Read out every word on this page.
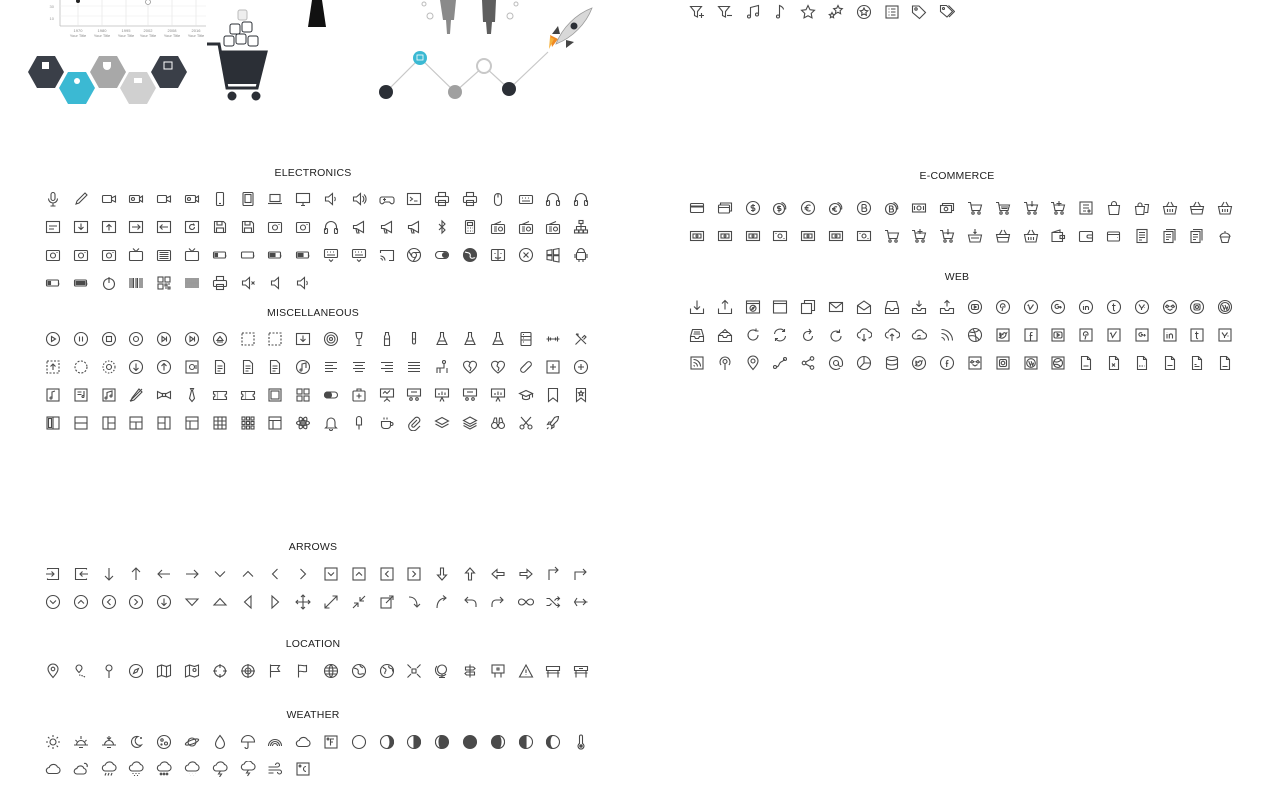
30
10
1970	1980	1995	2002	2008	2016
Your Title Your Title Your Title Your Title Your Title Your Title
ELECTRONICS
MISCELLANEOUS
ARROWS
LOCATION
WEATHER
E-COMMERCE
WEB
